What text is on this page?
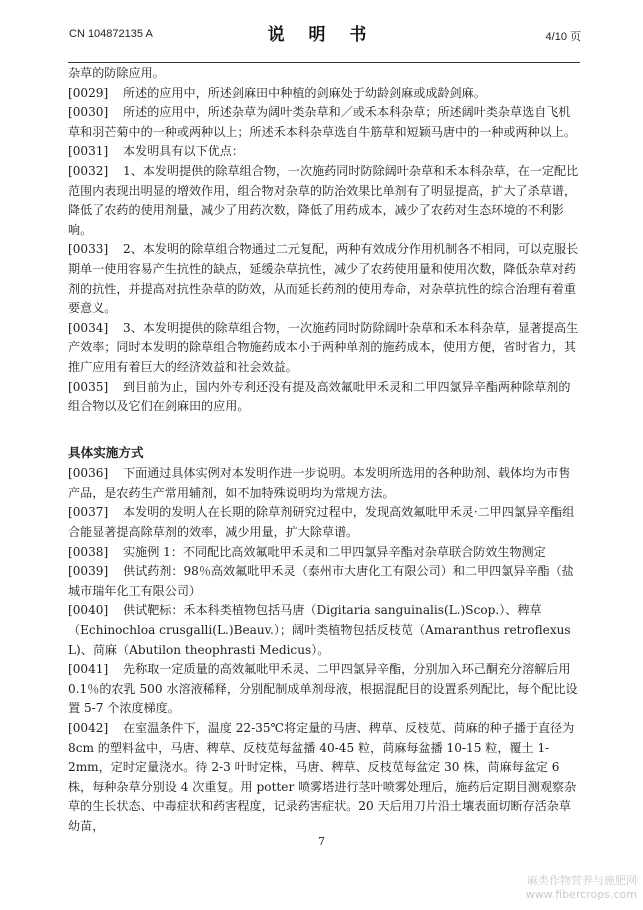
CN 104872135 A	说 明 书	4/10 页

杂草的防除应用。

[0029] 所述的应用中，所述剑麻田中种植的剑麻处于幼龄剑麻或成龄剑麻。

[0030] 所述的应用中，所述杂草为阔叶类杂草和／或禾本科杂草；所述阔叶类杂草选自飞机草和羽芒菊中的一种或两种以上；所述禾本科杂草选自牛筋草和短颖马唐中的一种或两种以上。

[0031] 本发明具有以下优点：

[0032] 1、本发明提供的除草组合物，一次施药同时防除阔叶杂草和禾本科杂草，在一定配比范围内表现出明显的增效作用，组合物对杂草的防治效果比单剂有了明显提高，扩大了杀草谱，降低了农药的使用剂量，减少了用药次数，降低了用药成本，减少了农药对生态环境的不利影响。

[0033] 2、本发明的除草组合物通过二元复配，两种有效成分作用机制各不相同，可以克服长期单一使用容易产生抗性的缺点，延缓杂草抗性，减少了农药使用量和使用次数，降低杂草对药剂的抗性，并提高对抗性杂草的防效，从而延长药剂的使用寿命，对杂草抗性的综合治理有着重要意义。

[0034] 3、本发明提供的除草组合物，一次施药同时防除阔叶杂草和禾本科杂草，显著提高生产效率；同时本发明的除草组合物施药成本小于两种单剂的施药成本，使用方便，省时省力，其推广应用有着巨大的经济效益和社会效益。

[0035] 到目前为止，国内外专利还没有提及高效氟吡甲禾灵和二甲四氯异辛酯两种除草剂的组合物以及它们在剑麻田的应用。

具体实施方式

[0036] 下面通过具体实例对本发明作进一步说明。本发明所选用的各种助剂、载体均为市售产品，是农药生产常用辅剂，如不加特殊说明均为常规方法。

[0037] 本发明的发明人在长期的除草剂研究过程中，发现高效氟吡甲禾灵·二甲四氯异辛酯组合能显著提高除草剂的效率，减少用量，扩大除草谱。

[0038] 实施例 1：不同配比高效氟吡甲禾灵和二甲四氯异辛酯对杂草联合防效生物测定

[0039] 供试药剂：98％高效氟吡甲禾灵（泰州市大唐化工有限公司）和二甲四氯异辛酯（盐城市瑞年化工有限公司）

[0040] 供试靶标：禾本科类植物包括马唐（Digitaria sanguinalis(L.)Scop.）、稗草（Echinochloa crusgalli(L.)Beauv.）；阔叶类植物包括反枝苋（Amaranthus retroflexus L)、苘麻（Abutilon theophrasti Medicus）。

[0041] 先称取一定质量的高效氟吡甲禾灵、二甲四氯异辛酯，分别加入环己酮充分溶解后用 0.1％的农乳 500 水溶液稀释，分别配制成单剂母液，根据混配目的设置系列配比，每个配比设置 5-7 个浓度梯度。

[0042] 在室温条件下，温度 22-35℃将定量的马唐、稗草、反枝苋、苘麻的种子播于直径为 8cm 的塑料盆中，马唐、稗草、反枝苋每盆播 40-45 粒，苘麻每盆播 10-15 粒，覆土 1-2mm，定时定量浇水。待 2-3 叶时定株，马唐、稗草、反枝苋每盆定 30 株，苘麻每盆定 6 株，每种杂草分别设 4 次重复。用 potter 喷雾塔进行茎叶喷雾处理后，施药后定期目测观察杂草的生长状态、中毒症状和药害程度，记录药害症状。20 天后用刀片沿土壤表面切断存活杂草幼苗，

7
麻类作物营养与施肥网
www.fibercrops.com
